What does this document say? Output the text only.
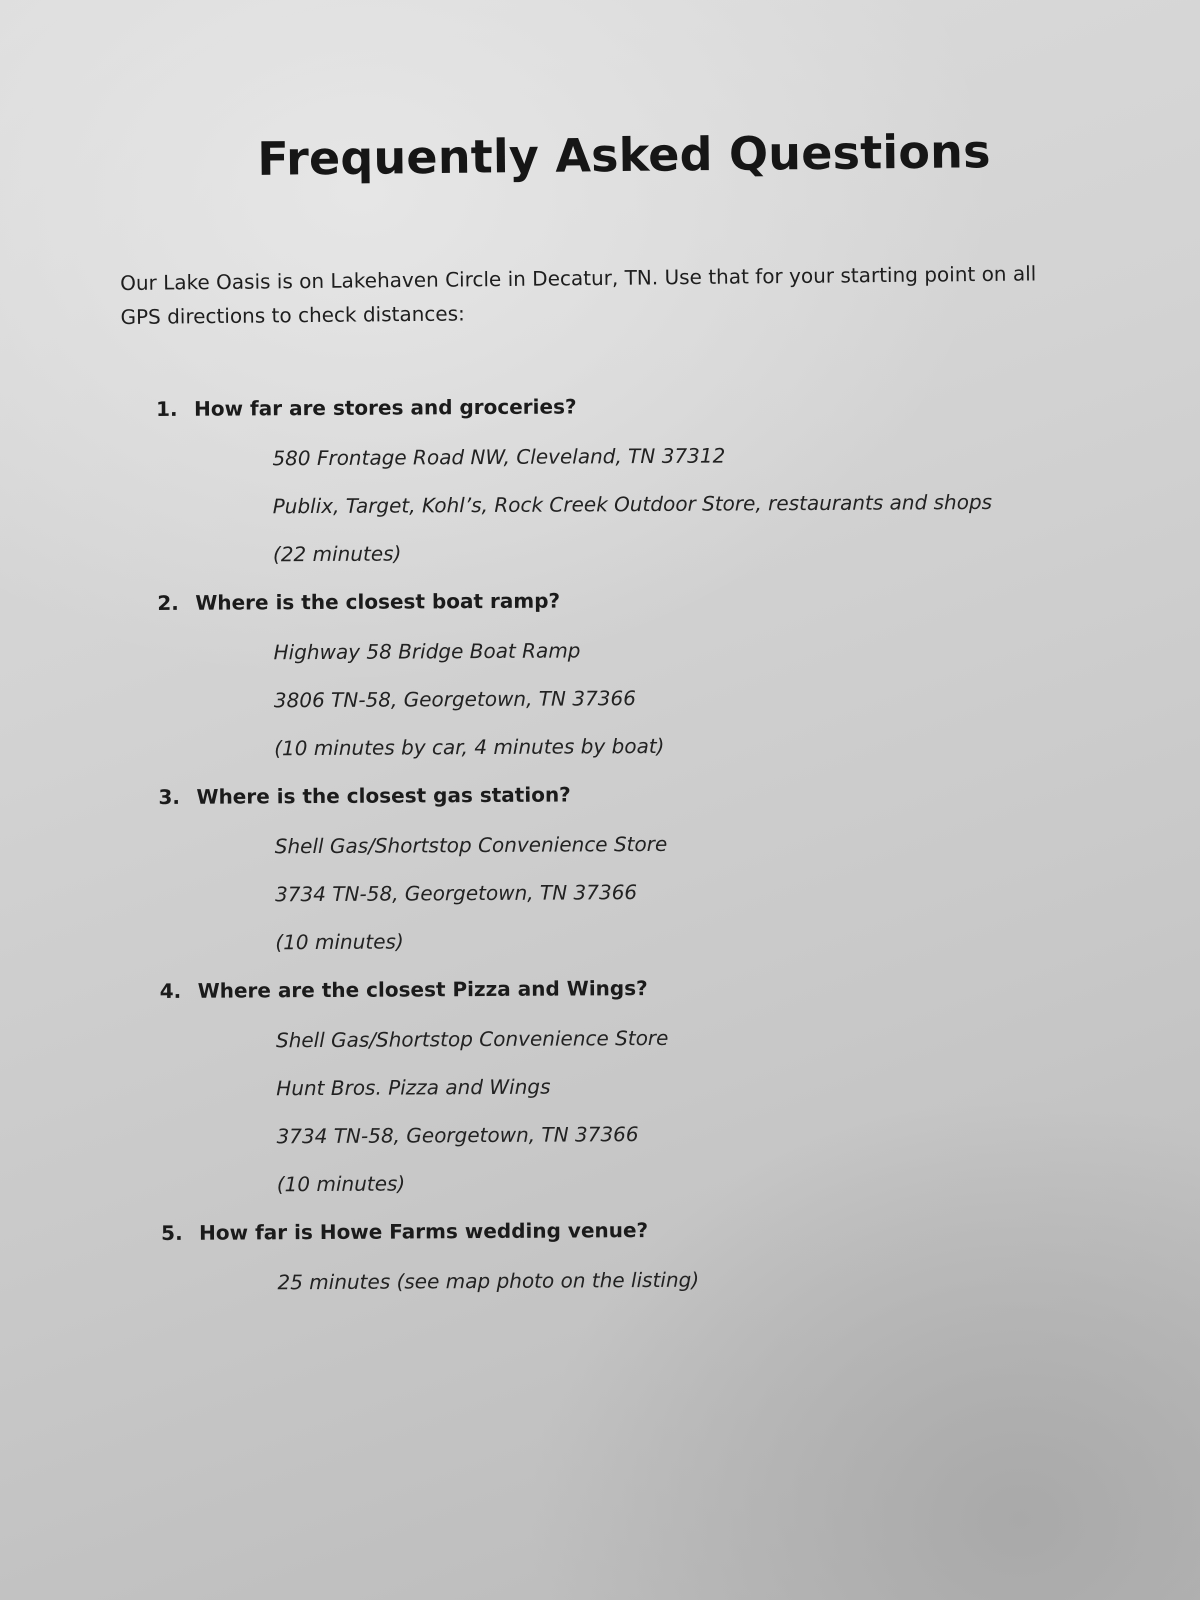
Frequently Asked Questions
Our Lake Oasis is on Lakehaven Circle in Decatur, TN. Use that for your starting point on all GPS directions to check distances:
1. How far are stores and groceries?
580 Frontage Road NW, Cleveland, TN 37312
Publix, Target, Kohl’s, Rock Creek Outdoor Store, restaurants and shops
(22 minutes)
2. Where is the closest boat ramp?
Highway 58 Bridge Boat Ramp
3806 TN-58, Georgetown, TN 37366
(10 minutes by car, 4 minutes by boat)
3. Where is the closest gas station?
Shell Gas/Shortstop Convenience Store
3734 TN-58, Georgetown, TN 37366
(10 minutes)
4. Where are the closest Pizza and Wings?
Shell Gas/Shortstop Convenience Store
Hunt Bros. Pizza and Wings
3734 TN-58, Georgetown, TN 37366
(10 minutes)
5. How far is Howe Farms wedding venue?
25 minutes (see map photo on the listing)
